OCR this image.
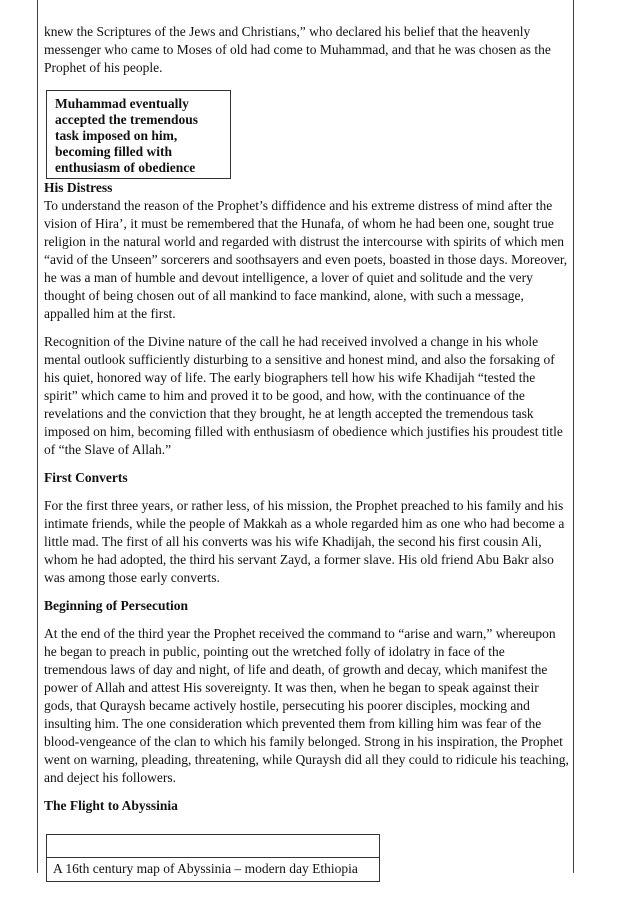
knew the Scriptures of the Jews and Christians,” who declared his belief that the heavenly messenger who came to Moses of old had come to Muhammad, and that he was chosen as the Prophet of his people.

Muhammad eventually accepted the tremendous task imposed on him, becoming filled with enthusiasm of obedience

His Distress

To understand the reason of the Prophet’s diffidence and his extreme distress of mind after the vision of Hira’, it must be remembered that the Hunafa, of whom he had been one, sought true religion in the natural world and regarded with distrust the intercourse with spirits of which men “avid of the Unseen” sorcerers and soothsayers and even poets, boasted in those days. Moreover, he was a man of humble and devout intelligence, a lover of quiet and solitude and the very thought of being chosen out of all mankind to face mankind, alone, with such a message, appalled him at the first.

Recognition of the Divine nature of the call he had received involved a change in his whole mental outlook sufficiently disturbing to a sensitive and honest mind, and also the forsaking of his quiet, honored way of life. The early biographers tell how his wife Khadijah “tested the spirit” which came to him and proved it to be good, and how, with the continuance of the revelations and the conviction that they brought, he at length accepted the tremendous task imposed on him, becoming filled with enthusiasm of obedience which justifies his proudest title of “the Slave of Allah.”

First Converts

For the first three years, or rather less, of his mission, the Prophet preached to his family and his intimate friends, while the people of Makkah as a whole regarded him as one who had become a little mad. The first of all his converts was his wife Khadijah, the second his first cousin Ali, whom he had adopted, the third his servant Zayd, a former slave. His old friend Abu Bakr also was among those early converts.

Beginning of Persecution

At the end of the third year the Prophet received the command to “arise and warn,” whereupon he began to preach in public, pointing out the wretched folly of idolatry in face of the tremendous laws of day and night, of life and death, of growth and decay, which manifest the power of Allah and attest His sovereignty. It was then, when he began to speak against their gods, that Quraysh became actively hostile, persecuting his poorer disciples, mocking and insulting him. The one consideration which prevented them from killing him was fear of the blood-vengeance of the clan to which his family belonged. Strong in his inspiration, the Prophet went on warning, pleading, threatening, while Quraysh did all they could to ridicule his teaching, and deject his followers.

The Flight to Abyssinia

A 16th century map of Abyssinia – modern day Ethiopia
